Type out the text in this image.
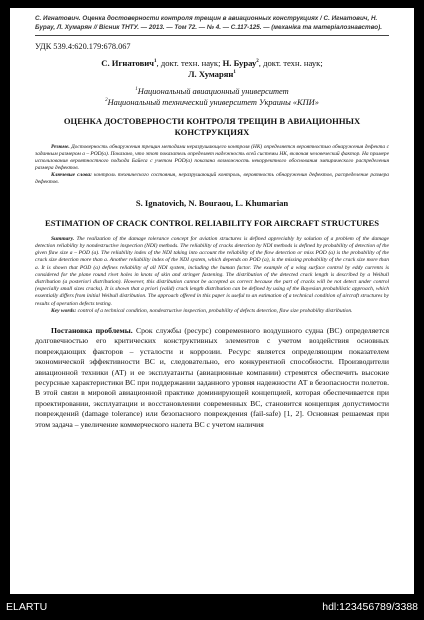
С. Игнатович. Оценка достоверности контроля трещин в авиационных конструкциях / С. Игнатович, Н. Бурау, Л. Хумарян // Вісник ТНТУ. — 2013. — Том 72. — № 4. — С.117-125. — (механіка та матеріалознавство).
УДК 539.4:620.179:678.067
С. Игнатович$^1$, докт. техн. наук; Н. Бурау$^2$, докт. техн. наук;
Л. Хумарян$^1$
$^1$Национальный авиационный университет
$^2$Национальный технический университет Украины «КПИ»
ОЦЕНКА ДОСТОВЕРНОСТИ КОНТРОЛЯ ТРЕЩИН В АВИАЦИОННЫХ КОНСТРУКЦИЯХ
Резюме. Достоверность обнаружения трещин методами неразрушающего контроля (НК) определяется вероятностью обнаружения дефекта с заданным размером а – POD(a). Показано, что этот показатель определяет надежность всей системы НК, включая человеческий фактор. На примере использования вероятностного подхода Байеса с учетом POD(a) показана возможность некорректного обоснования эмпирического распределения размера дефектов.
Ключевые слова: контроль технического состояния, неразрушающий контроль, вероятность обнаружения дефектов, распределение размера дефектов.
S. Ignatovich, N. Bouraou, L. Khumarian
ESTIMATION OF CRACK CONTROL RELIABILITY FOR AIRCRAFT STRUCTURES
Summary. The realization of the damage tolerance concept for aviation structures is defined appreciably by solution of a problem of the damage detection reliability by nondestructive inspection (NDI) methods. The reliability of cracks detection by NDI methods is defined by probability of detection of the given flaw size a – POD (a). The reliability index of the NDI taking into account the reliability of the flow detection or miss POD (a) is the probability of the crack size detection more than a. Another reliability index of the NDI system, which depends on POD (a), is the missing probability of the crack size more than a. It is shown that POD (a) defines reliability of all NDI system, including the human factor. The example of a wing surface control by eddy currents is considered for the plane round rivet holes in knots of skin and stringer fastening. The distribution of the detected crack length is described by a Weibull distribution (a posteriori distribution). However, this distribution cannot be accepted as correct because the part of cracks will be not detect under control (especially small sizes cracks). It is shown that a priori (valid) crack length distribution can be defined by using of the Bayesian probabilistic approach, which essentially differs from initial Weibull distribution. The approach offered in this paper is useful to an estimation of a technical condition of aircraft structures by results of operation defects testing.
Key words: control of a technical condition, nondestructive inspection, probability of defects detection, flaw size probability distribution.
Постановка проблемы. Срок службы (ресурс) современного воздушного судна (ВС) определяется долговечностью его критических конструктивных элементов с учетом воздействия основных повреждающих факторов – усталости и коррозии. Ресурс является определяющим показателем экономической эффективности ВС и, следовательно, его конкурентной способности. Производители авиационной техники (АТ) и ее эксплуатанты (авиационные компании) стремятся обеспечить высокие ресурсные характеристики ВС при поддержании заданного уровня надежности АТ в безопасности полетов. В этой связи в мировой авиационной практике доминирующей концепцией, которая обеспечивается при проектировании, эксплуатации и восстановлении современных ВС, становится концепция допустимости повреждений (damage tolerance) или безопасного повреждения (fail-safe) [1, 2]. Основная решаемая при этом задача – увеличение коммерческого налета ВС с учетом наличия
ELARTU	hdl:123456789/3388
